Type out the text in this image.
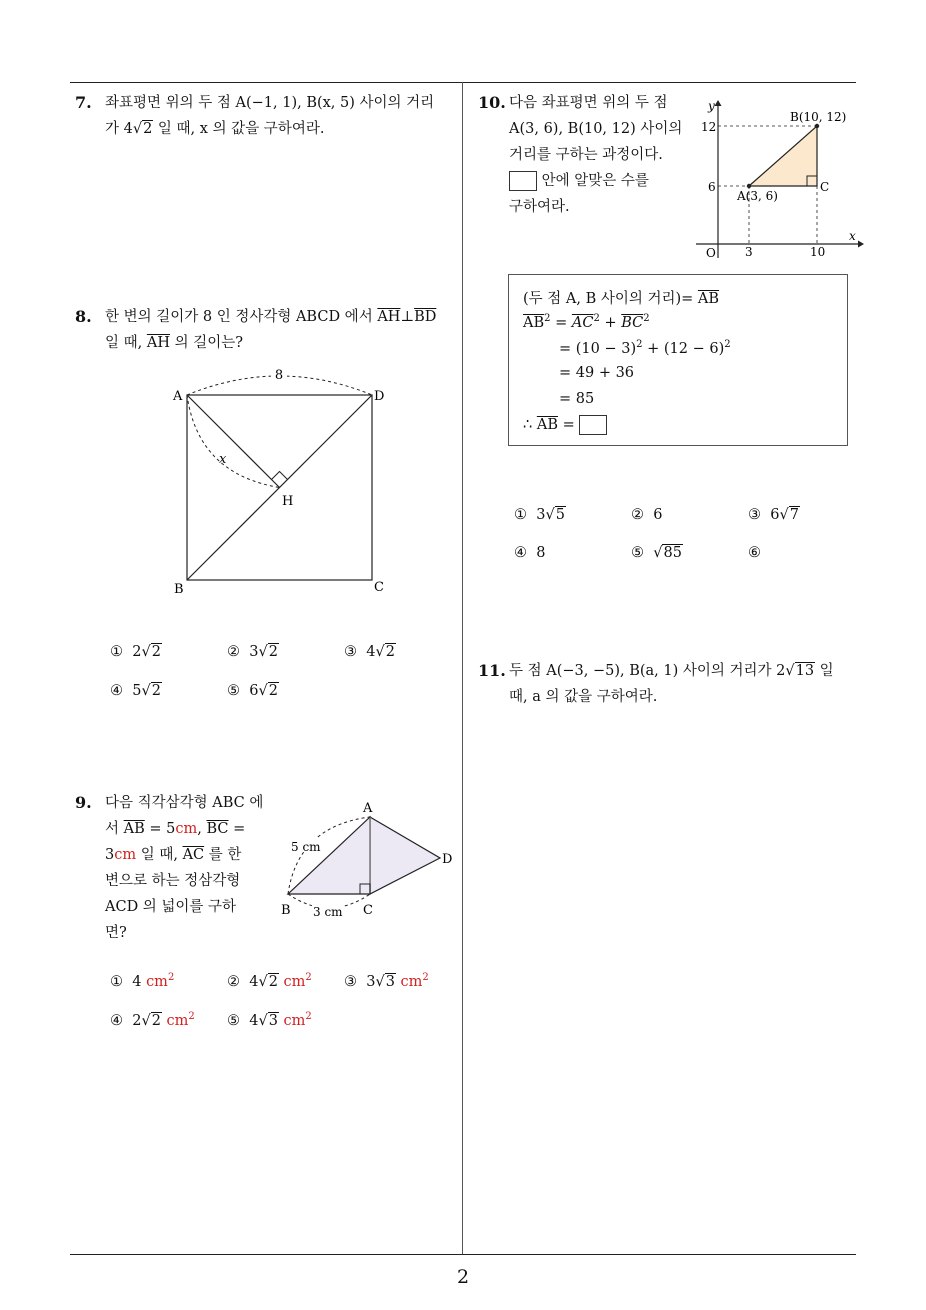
7. 좌표평면 위의 두 점 A(−1, 1), B(x, 5) 사이의 거리
가 4√2 일 때, x 의 값을 구하여라.
8. 한 변의 길이가 8 인 정사각형 ABCD 에서 $\overline{AH}\perp\overline{BD}$
일 때, $\overline{AH}$ 의 길이는?
8
A	D
B	C
H
x
① 2√2	② 3√2	③ 4√2
④ 5√2	⑤ 6√2
9. 다음 직각삼각형 ABC 에
서 $\overline{AB} = 5cm$, $\overline{BC}$ =
3cm 일 때, $\overline{AC}$ 를 한
변으로 하는 정삼각형
ACD 의 넓이를 구하
면?
5 cm
3 cm
A
B	C
D
① 4 $cm^2$	② 4√2 $cm^2$ ③ 3√3 $cm^2$
④ 2√2 $cm^2$ ⑤ 4√3 $cm^2$
10. 다음 좌표평면 위의 두 점
A(3, 6), B(10, 12) 사이의
거리를 구하는 과정이다.
안에 알맞은 수를
구하여라.
y
x
O
12
6
3	10
A(3, 6)
B(10, 12)
C
(두 점 A, B 사이의 거리)= $\overline{AB}$
$\overline{AB}^2 = \overline{AC}^2 + \overline{BC}^2$
= $(10 - 3)^2 + (12 - 6)^2$
= 49 + 36
= 85
∴ $\overline{AB}$ =
① 3√5	② 6	③ 6√7
④ 8	⑤  √85	⑥
11. 두 점 A(−3, −5), B(a, 1) 사이의 거리가 2√13 일
때, a 의 값을 구하여라.
2
